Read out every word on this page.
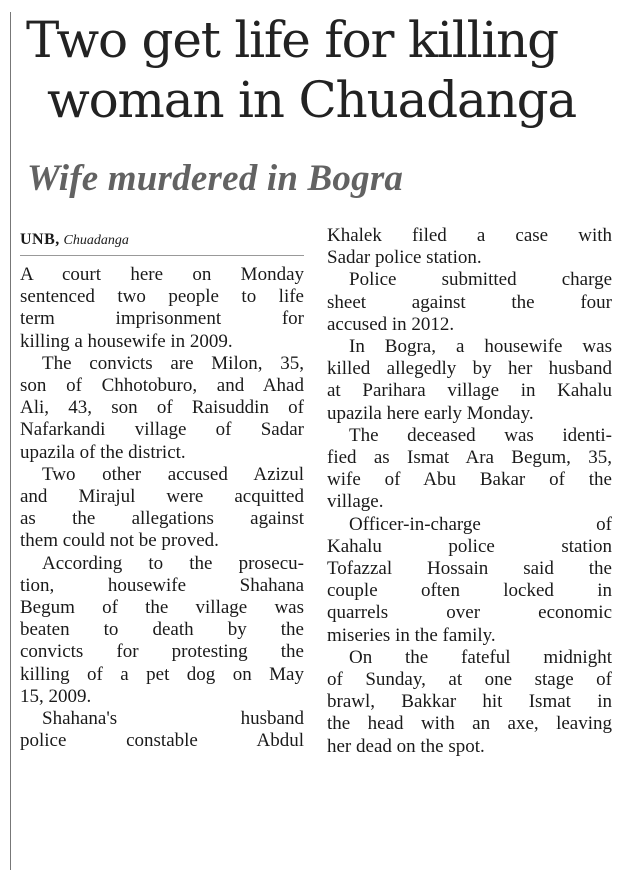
Two get life for killing
woman in Chuadanga
Wife murdered in Bogra
UNB, Chuadanga
A court here on Monday
sentenced two people to life
term imprisonment for
killing a housewife in 2009.
The convicts are Milon, 35,
son of Chhotoburo, and Ahad
Ali, 43, son of Raisuddin of
Nafarkandi village of Sadar
upazila of the district.
Two other accused Azizul
and Mirajul were acquitted
as the allegations against
them could not be proved.
According to the prosecu-
tion, housewife Shahana
Begum of the village was
beaten to death by the
convicts for protesting the
killing of a pet dog on May
15, 2009.
Shahana's husband
police constable Abdul
Khalek filed a case with
Sadar police station.
Police submitted charge
sheet against the four
accused in 2012.
In Bogra, a housewife was
killed allegedly by her husband
at Parihara village in Kahalu
upazila here early Monday.
The deceased was identi-
fied as Ismat Ara Begum, 35,
wife of Abu Bakar of the
village.
Officer-in-charge of
Kahalu police station
Tofazzal Hossain said the
couple often locked in
quarrels over economic
miseries in the family.
On the fateful midnight
of Sunday, at one stage of
brawl, Bakkar hit Ismat in
the head with an axe, leaving
her dead on the spot.
